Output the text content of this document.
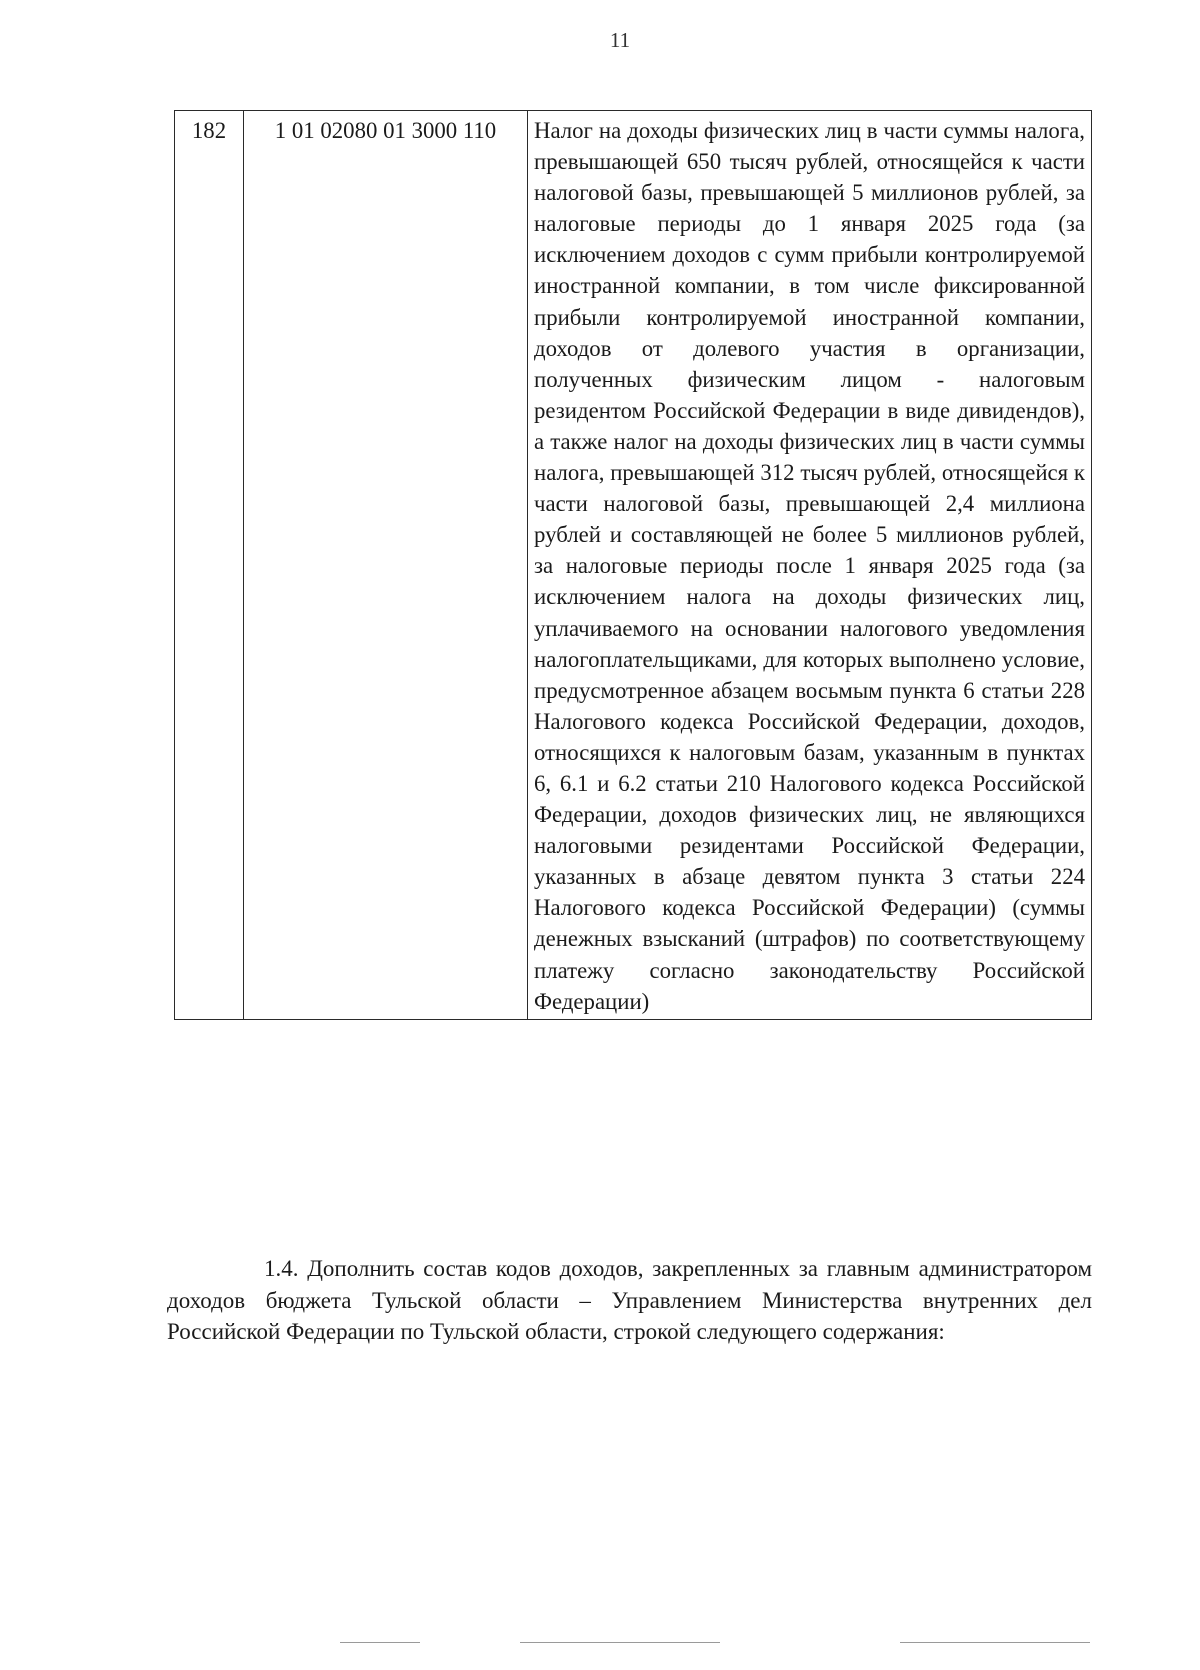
11
182	1 01 02080 01 3000 110	Налог на доходы физических лиц в части суммы налога, превышающей 650 тысяч рублей, относящейся к части налоговой базы, превышающей 5 миллионов рублей, за налоговые периоды до 1 января 2025 года (за исключением доходов с сумм прибыли контролируемой иностранной компании, в том числе фиксированной прибыли контролируемой иностранной компании, доходов от долевого участия в организации, полученных физическим лицом - налоговым резидентом Российской Федерации в виде дивидендов), а также налог на доходы физических лиц в части суммы налога, превышающей 312 тысяч рублей, относящейся к части налоговой базы, превышающей 2,4 миллиона рублей и составляющей не более 5 миллионов рублей, за налоговые периоды после 1 января 2025 года (за исключением налога на доходы физических лиц, уплачиваемого на основании налогового уведомления налогоплательщиками, для которых выполнено условие, предусмотренное абзацем восьмым пункта 6 статьи 228 Налогового кодекса Российской Федерации, доходов, относящихся к налоговым базам, указанным в пунктах 6, 6.1 и 6.2 статьи 210 Налогового кодекса Российской Федерации, доходов физических лиц, не являющихся налоговыми резидентами Российской Федерации, указанных в абзаце девятом пункта 3 статьи 224 Налогового кодекса Российской Федерации) (суммы денежных взысканий (штрафов) по соответствующему платежу согласно законодательству Российской Федерации)

1.4. Дополнить состав кодов доходов, закрепленных за главным администратором доходов бюджета Тульской области – Управлением Министерства внутренних дел Российской Федерации по Тульской области, строкой следующего содержания:
